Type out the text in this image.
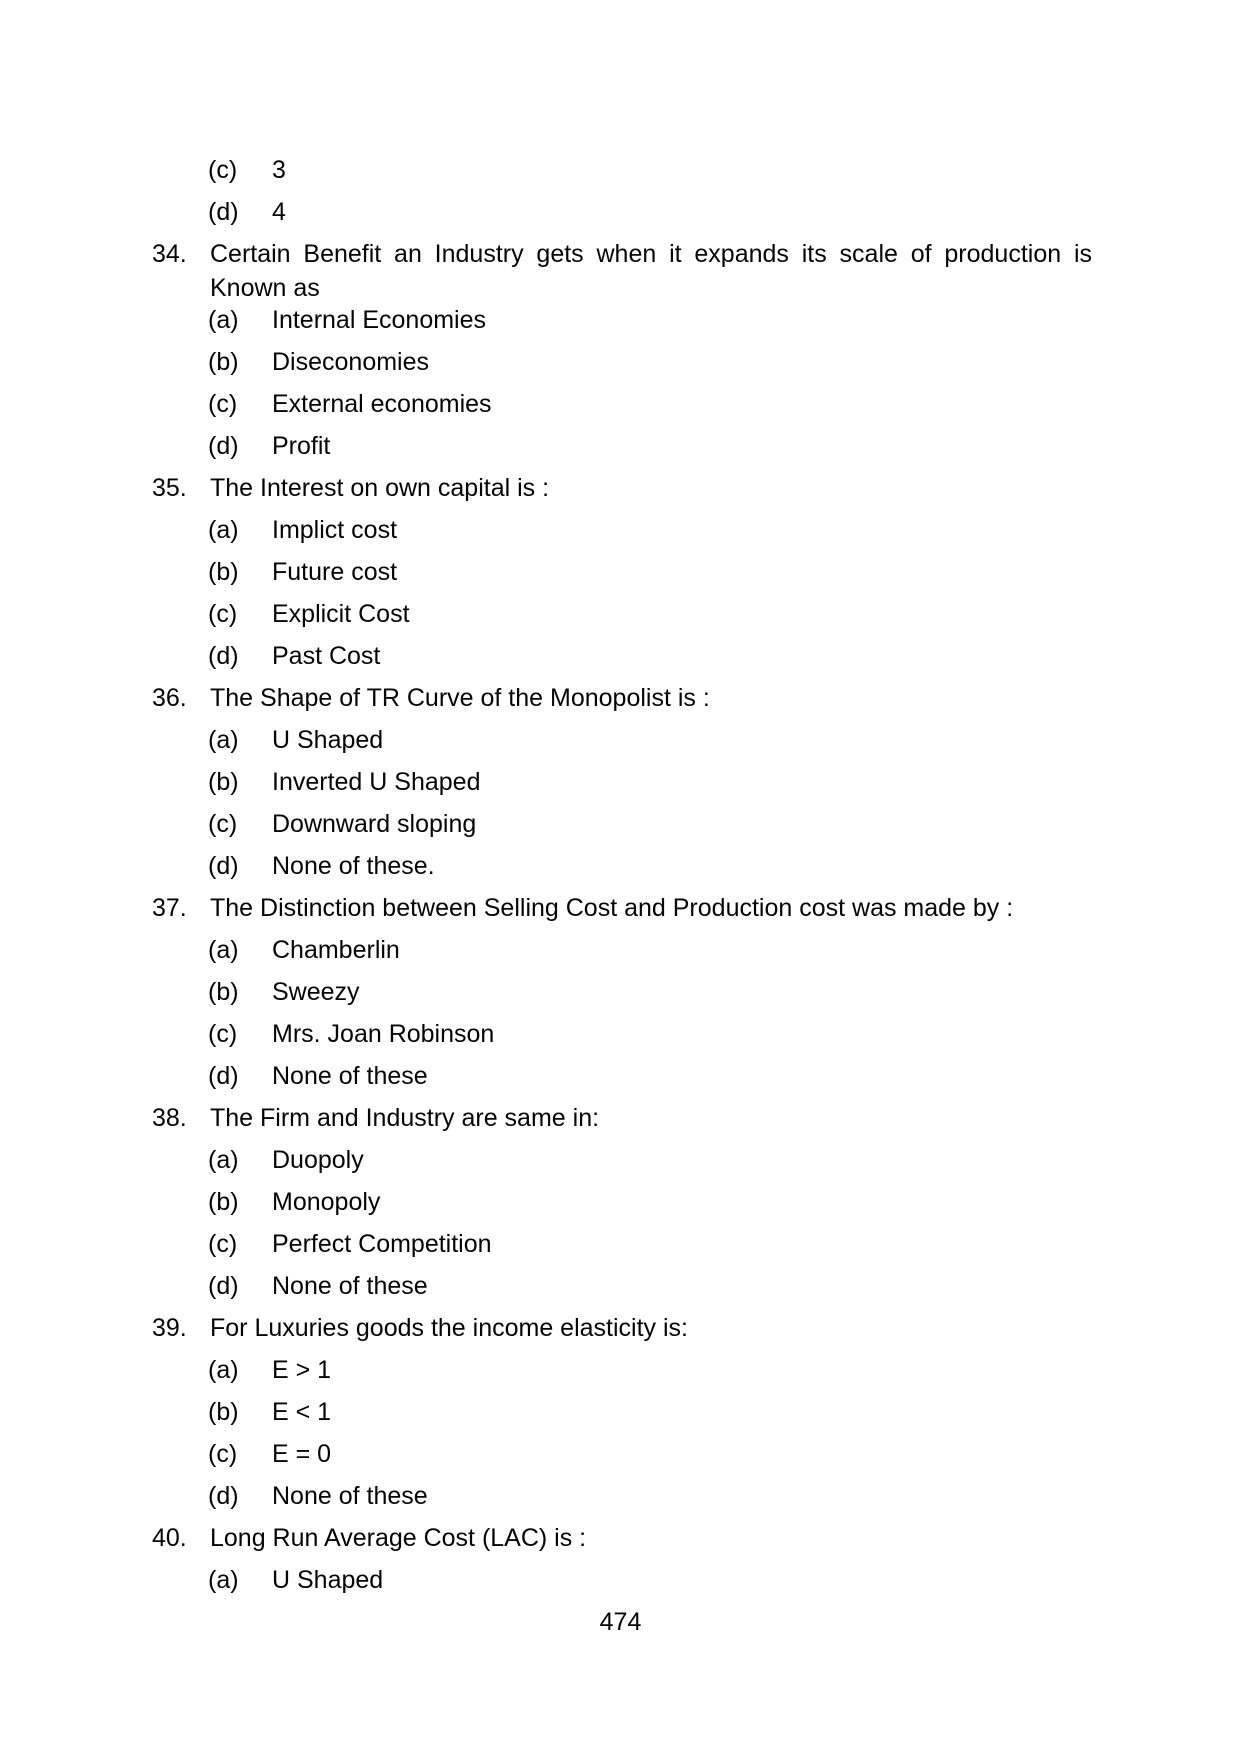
(c) 3
(d) 4
34. Certain Benefit an Industry gets when it expands its scale of production is Known as
(a) Internal Economies
(b) Diseconomies
(c) External economies
(d) Profit
35. The Interest on own capital is :
(a) Implict cost
(b) Future cost
(c) Explicit Cost
(d) Past Cost
36. The Shape of TR Curve of the Monopolist is :
(a) U Shaped
(b) Inverted U Shaped
(c) Downward sloping
(d) None of these.
37. The Distinction between Selling Cost and Production cost was made by :
(a) Chamberlin
(b) Sweezy
(c) Mrs. Joan Robinson
(d) None of these
38. The Firm and Industry are same in:
(a) Duopoly
(b) Monopoly
(c) Perfect Competition
(d) None of these
39. For Luxuries goods the income elasticity is:
(a) E > 1
(b) E < 1
(c) E = 0
(d) None of these
40. Long Run Average Cost (LAC) is :
(a) U Shaped
474
